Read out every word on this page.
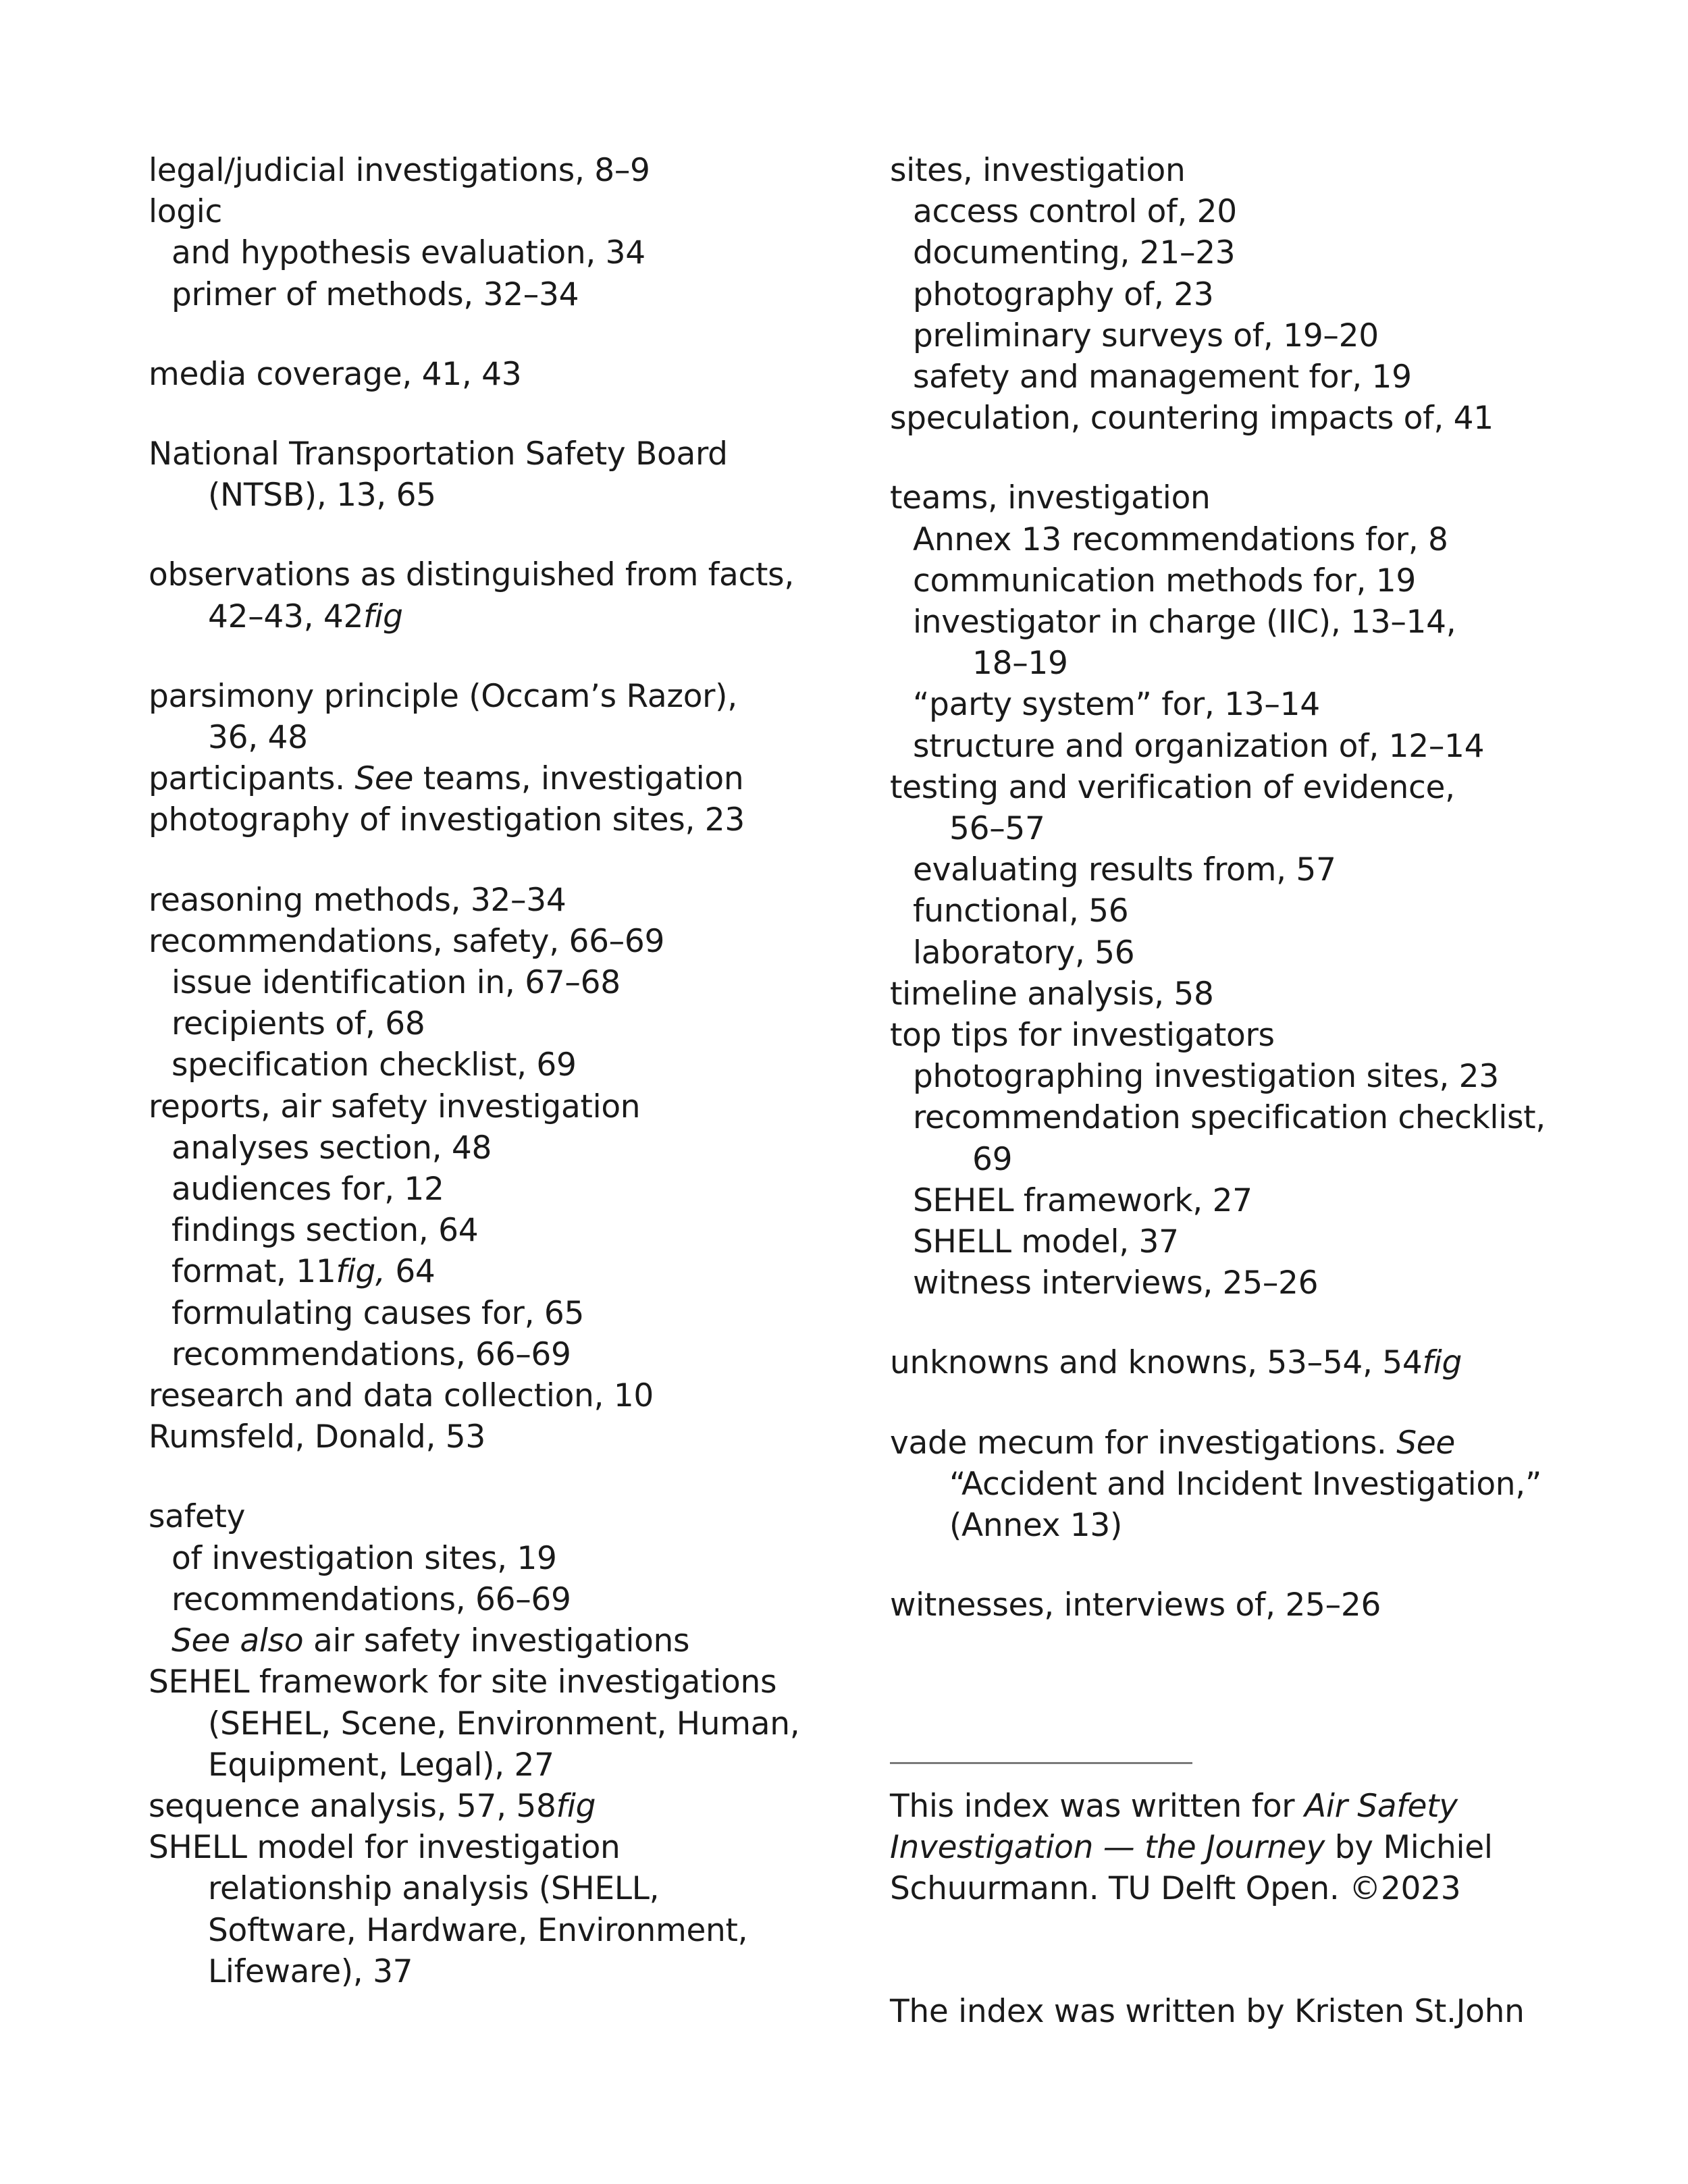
legal/judicial investigations, 8–9
logic
and hypothesis evaluation, 34
primer of methods, 32–34
media coverage, 41, 43
National Transportation Safety Board
(NTSB), 13, 65
observations as distinguished from facts,
42–43, 42fig
parsimony principle (Occam’s Razor),
36, 48
participants. See teams, investigation
photography of investigation sites, 23
reasoning methods, 32–34
recommendations, safety, 66–69
issue identification in, 67–68
recipients of, 68
specification checklist, 69
reports, air safety investigation
analyses section, 48
audiences for, 12
findings section, 64
format, 11fig, 64
formulating causes for, 65
recommendations, 66–69
research and data collection, 10
Rumsfeld, Donald, 53
safety
of investigation sites, 19
recommendations, 66–69
See also air safety investigations
SEHEL framework for site investigations
(SEHEL, Scene, Environment, Human,
Equipment, Legal), 27
sequence analysis, 57, 58fig
SHELL model for investigation
relationship analysis (SHELL,
Software, Hardware, Environment,
Lifeware), 37
sites, investigation
access control of, 20
documenting, 21–23
photography of, 23
preliminary surveys of, 19–20
safety and management for, 19
speculation, countering impacts of, 41
teams, investigation
Annex 13 recommendations for, 8
communication methods for, 19
investigator in charge (IIC), 13–14,
18–19
“party system” for, 13–14
structure and organization of, 12–14
testing and verification of evidence,
56–57
evaluating results from, 57
functional, 56
laboratory, 56
timeline analysis, 58
top tips for investigators
photographing investigation sites, 23
recommendation specification checklist,
69
SEHEL framework, 27
SHELL model, 37
witness interviews, 25–26
unknowns and knowns, 53–54, 54fig
vade mecum for investigations. See
“Accident and Incident Investigation,”
(Annex 13)
witnesses, interviews of, 25–26
This index was written for Air Safety
Investigation — the Journey by Michiel
Schuurmann. TU Delft Open. ©2023
The index was written by Kristen St.John
